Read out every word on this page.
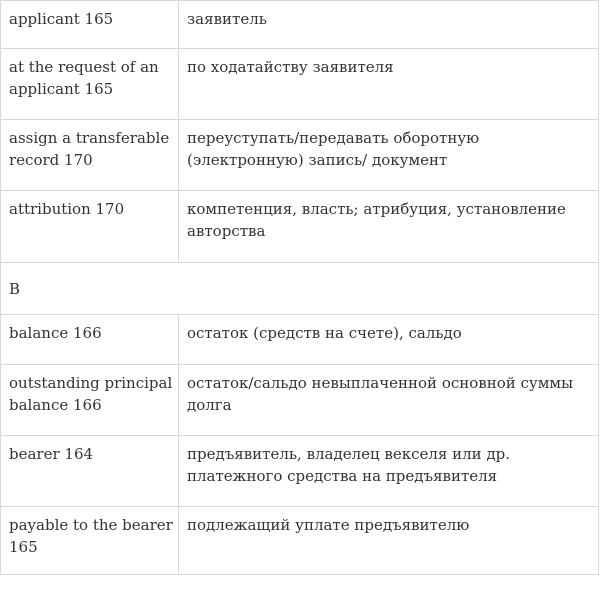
applicant 165	заявитель
at the request of an applicant 165	по ходатайству заявителя
assign a transferable record 170	переуступать/передавать оборотную (электронную) запись/ документ
attribution 170	компетенция, власть; атрибуция, установление авторства
B	
balance 166	остаток (средств на счете), сальдо
outstanding principal balance 166	остаток/сальдо невыплаченной основной суммы долга
bearer 164	предъявитель, владелец векселя или др. платежного средства на предъявителя
payable to the bearer 165	подлежащий уплате предъявителю
